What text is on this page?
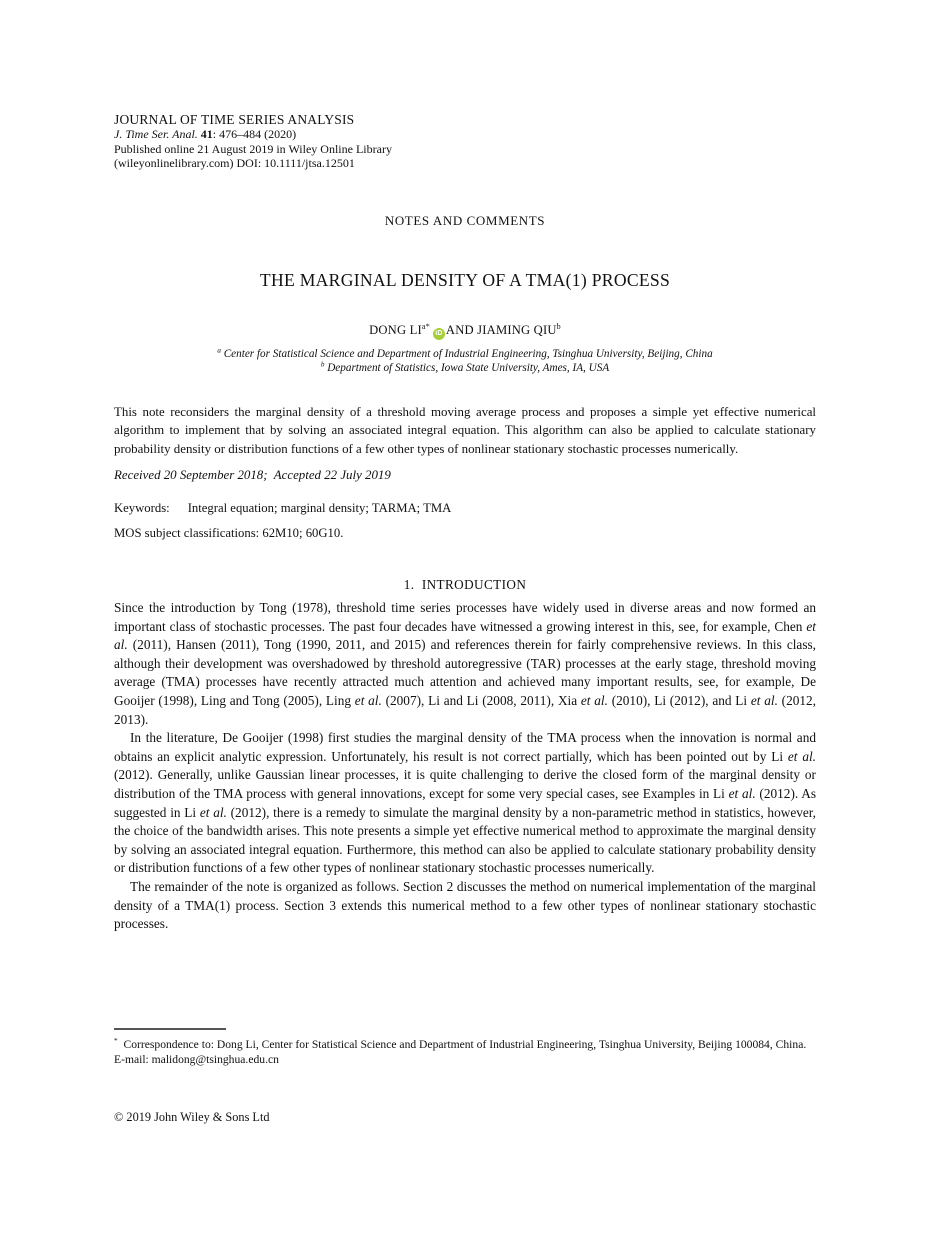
JOURNAL OF TIME SERIES ANALYSIS
J. Time Ser. Anal. 41: 476–484 (2020)
Published online 21 August 2019 in Wiley Online Library
(wileyonlinelibrary.com) DOI: 10.1111/jtsa.12501
NOTES AND COMMENTS
THE MARGINAL DENSITY OF A TMA(1) PROCESS
DONG $LI^{a*}iD$ AND JIAMING QIU$^b$
$^a$ Center for Statistical Science and Department of Industrial Engineering, Tsinghua University, Beijing, China
$^b$ Department of Statistics, Iowa State University, Ames, IA, USA

This note reconsiders the marginal density of a threshold moving average process and proposes a simple yet effective numerical algorithm to implement that by solving an associated integral equation. This algorithm can also be applied to calculate stationary probability density or distribution functions of a few other types of nonlinear stationary stochastic processes numerically.

Received 20 September 2018;  Accepted 22 July 2019

Keywords: Integral equation; marginal density; TARMA; TMA

MOS subject classifications: 62M10; 60G10.

1.  INTRODUCTION

Since the introduction by Tong (1978), threshold time series processes have widely used in diverse areas and now formed an important class of stochastic processes. The past four decades have witnessed a growing interest in this, see, for example, Chen et al. (2011), Hansen (2011), Tong (1990, 2011, and 2015) and references therein for fairly comprehensive reviews. In this class, although their development was overshadowed by threshold autoregressive (TAR) processes at the early stage, threshold moving average (TMA) processes have recently attracted much attention and achieved many important results, see, for example, De Gooijer (1998), Ling and Tong (2005), Ling et al. (2007), Li and Li (2008, 2011), Xia et al. (2010), Li (2012), and Li et al. (2012, 2013).

In the literature, De Gooijer (1998) first studies the marginal density of the TMA process when the innovation is normal and obtains an explicit analytic expression. Unfortunately, his result is not correct partially, which has been pointed out by Li et al. (2012). Generally, unlike Gaussian linear processes, it is quite challenging to derive the closed form of the marginal density or distribution of the TMA process with general innovations, except for some very special cases, see Examples in Li et al. (2012). As suggested in Li et al. (2012), there is a remedy to simulate the marginal density by a non-parametric method in statistics, however, the choice of the bandwidth arises. This note presents a simple yet effective numerical method to approximate the marginal density by solving an associated integral equation. Furthermore, this method can also be applied to calculate stationary probability density or distribution functions of a few other types of nonlinear stationary stochastic processes numerically.

The remainder of the note is organized as follows. Section 2 discusses the method on numerical implementation of the marginal density of a TMA(1) process. Section 3 extends this numerical method to a few other types of nonlinear stationary stochastic processes.

*  Correspondence to: Dong Li, Center for Statistical Science and Department of Industrial Engineering, Tsinghua University, Beijing 100084, China.
E-mail: malidong@tsinghua.edu.cn
© 2019 John Wiley & Sons Ltd
